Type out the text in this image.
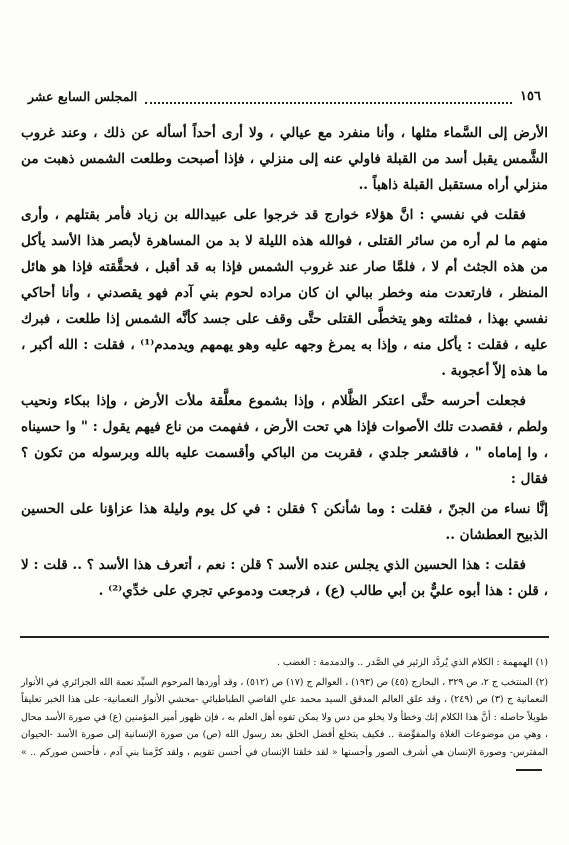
١٥٦
المجلس السابع عشر

الأرض إلى السَّماء مثلها ، وأنا منفرد مع عيالي ، ولا أرى أحداً أسأله عن ذلك ، وعند غروب الشَّمس يقبل أسد من القبلة فاولي عنه إلى منزلي ، فإذا أصبحت وطلعت الشمس ذهبت من منزلي أراه مستقبل القبلة ذاهباً ..

فقلت في نفسي : انَّ هؤلاء خوارج قد خرجوا على عبيدالله بن زياد فأمر بقتلهم ، وأرى منهم ما لم أره من سائر القتلى ، فوالله هذه الليلة لا بد من المساهرة لأبصر هذا الأسد يأكل من هذه الجثث أم لا ، فلمَّا صار عند غروب الشمس فإذا به قد أقبل ، فحقَّقته فإذا هو هائل المنظر ، فارتعدت منه وخطر ببالي ان كان مراده لحوم بني آدم فهو يقصدني ، وأنا أحاكي نفسي بهذا ، فمثلته وهو يتخطَّى القتلى حتَّى وقف على جسد كأنَّه الشمس إذا طلعت ، فبرك عليه ، فقلت : يأكل منه ، وإذا به يمرغ وجهه عليه وهو يهمهم ويدمدم⁽¹⁾ ، فقلت : الله أكبر ، ما هذه إلاّ أعجوبة .

فجعلت أحرسه حتَّى اعتكر الظَّلام ، وإذا بشموع معلَّقة ملأت الأرض ، وإذا ببكاء ونحيب ولطم ، فقصدت تلك الأصوات فإذا هي تحت الأرض ، ففهمت من ناع فيهم يقول : " وا حسيناه ، وا إماماه " ، فاقشعر جلدي ، فقربت من الباكي وأقسمت عليه بالله وبرسوله من تكون ؟ فقال :

إنَّا نساء من الجنّ ، فقلت : وما شأنكن ؟ فقلن : في كل يوم وليلة هذا عزاؤنا على الحسين الذبيح العطشان ..

فقلت : هذا الحسين الذي يجلس عنده الأسد ؟ قلن : نعم ، أتعرف هذا الأسد ؟ .. قلت : لا ، قلن : هذا أبوه عليٌّ بن أبي طالب (ع) ، فرجعت ودموعي تجري على خدِّي⁽²⁾ .

(١) الهمهمة : الكلام الذي يُردَّد الزئير في الصَّدر .. والدمدمة : الغضب .

(٢) المنتخب ج ٢، ص ٣٢٩ ، البحارج (٤٥) ص (١٩٣) ، العوالم ج (١٧) ص (٥١٢) ، وقد أوردها المرحوم السيِّد نعمة الله الجزائري في الأنوار النعمانية ج (٣) ص (٢٤٩) ، وقد علق العالم المدقق السيد محمد علي القاضي الطباطبائي -محشي الأنوار النعمانية- على هذا الخبر تعليقاً طويلاً حاصله : أنَّ هذا الكلام إنك وخطأ ولا يخلو من دس ولا يمكن تفوه أهل العلم به ، فإن ظهور أمير المؤمنين (ع) في صورة الأسد محال ، وهي من موضوعات الغلاة والمفوِّضة .. فكيف يتخلع أفضل الخلق بعد رسول الله (ص) من صورة الإنسانية إلى صورة الأسد -الحيوان المفترس- وصورة الإنسان هي أشرف الصور وأحسنها « لقد خلقنا الإنسان في أحسن تقويم ، ولقد كرَّمنا بني آدم ، فأحسن صوركم .. »
